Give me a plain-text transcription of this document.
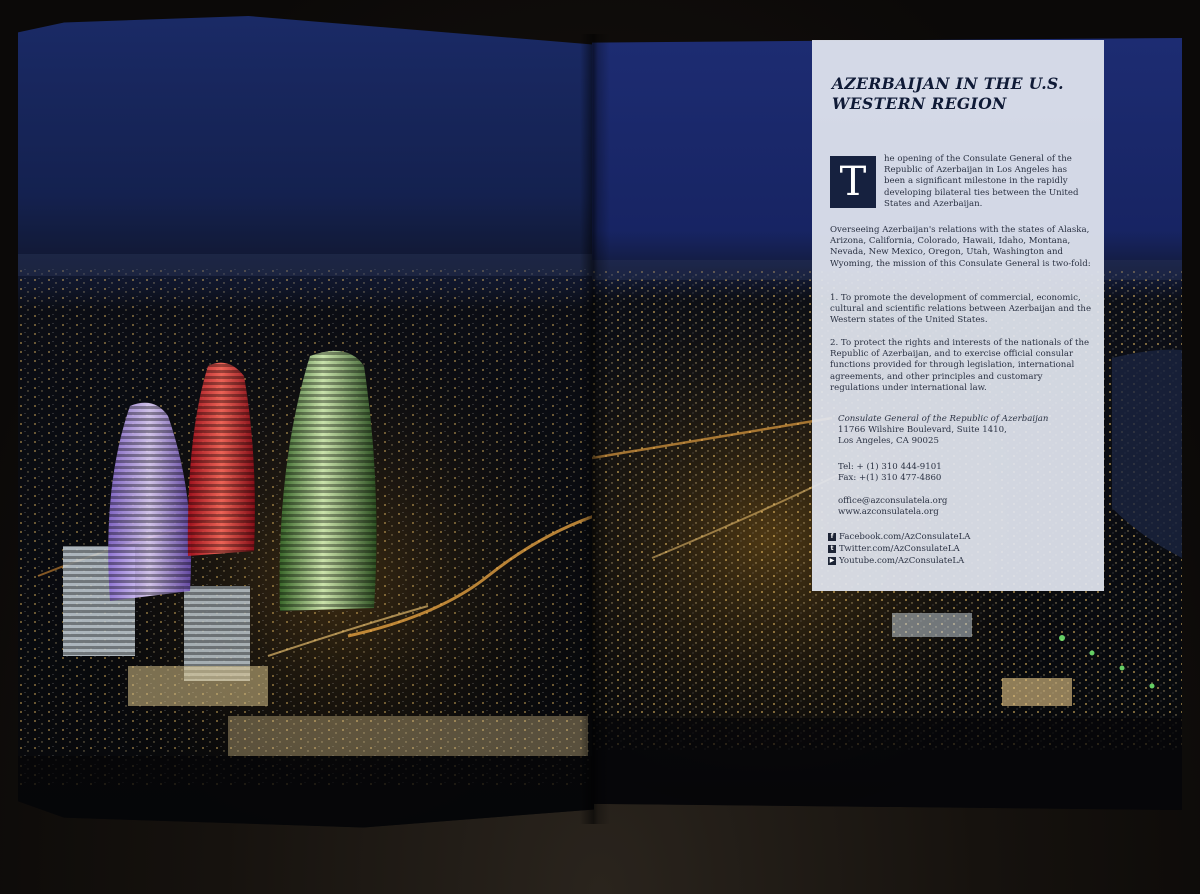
AZERBAIJAN IN THE U.S. WESTERN REGION
T	he opening of the Consulate General of the Republic of Azerbaijan in Los Angeles has been a significant milestone in the rapidly developing bilateral ties between the United States and Azerbaijan.

Overseeing Azerbaijan's relations with the states of Alaska, Arizona, California, Colorado, Hawaii, Idaho, Montana, Nevada, New Mexico, Oregon, Utah, Washington and Wyoming, the mission of this Consulate General is two-fold:

1. To promote the development of commercial, economic, cultural and scientific relations between Azerbaijan and the Western states of the United States.

2. To protect the rights and interests of the nationals of the Republic of Azerbaijan, and to exercise official consular functions provided for through legislation, international agreements, and other principles and customary regulations under international law.

Consulate General of the Republic of Azerbaijan
11766 Wilshire Boulevard, Suite 1410,
Los Angeles, CA 90025
Tel: + (1) 310 444-9101
Fax: +(1) 310 477-4860
office@azconsulatela.org
www.azconsulatela.org
f Facebook.com/AzConsulateLA
t Twitter.com/AzConsulateLA
▶ Youtube.com/AzConsulateLA
